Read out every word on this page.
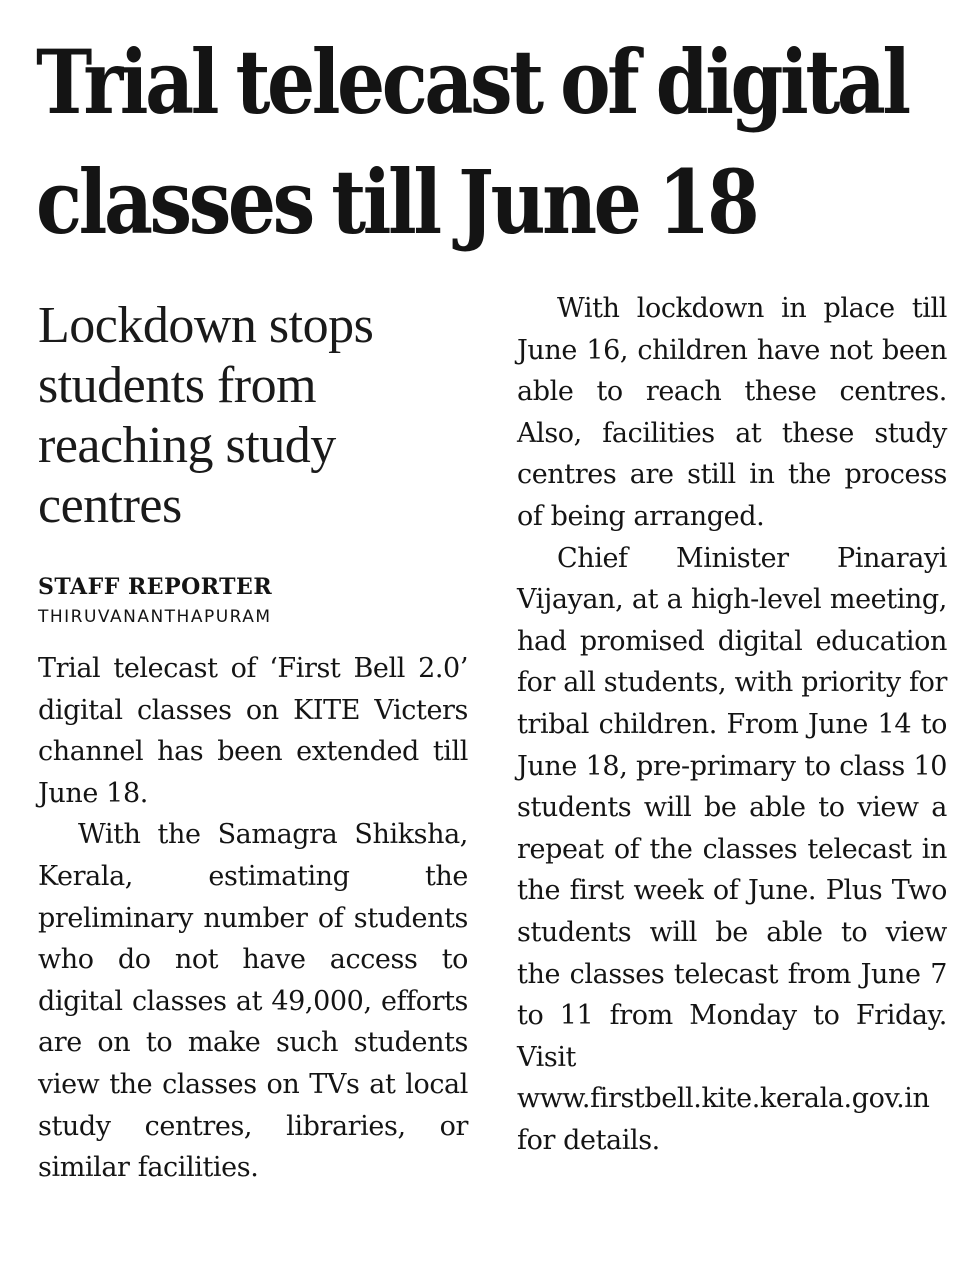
Trial telecast of digital
classes till June 18

Lockdown stops students from reaching study centres

STAFF REPORTER

THIRUVANANTHAPURAM

Trial telecast of ‘First Bell 2.0’ digital classes on KITE Victers channel has been extended till June 18.

With the Samagra Shiksha, Kerala, estimating the preliminary number of students who do not have access to digital classes at 49,000, efforts are on to make such students view the classes on TVs at local study centres, libraries, or similar facilities.

With lockdown in place till June 16, children have not been able to reach these centres. Also, facilities at these study centres are still in the process of being arranged.

Chief Minister Pinarayi Vijayan, at a high-level meeting, had promised digital education for all students, with priority for tribal children. From June 14 to June 18, pre-primary to class 10 students will be able to view a repeat of the classes telecast in the first week of June. Plus Two students will be able to view the classes telecast from June 7 to 11 from Monday to Friday. Visit www.firstbell.kite.kerala.gov.in for details.
